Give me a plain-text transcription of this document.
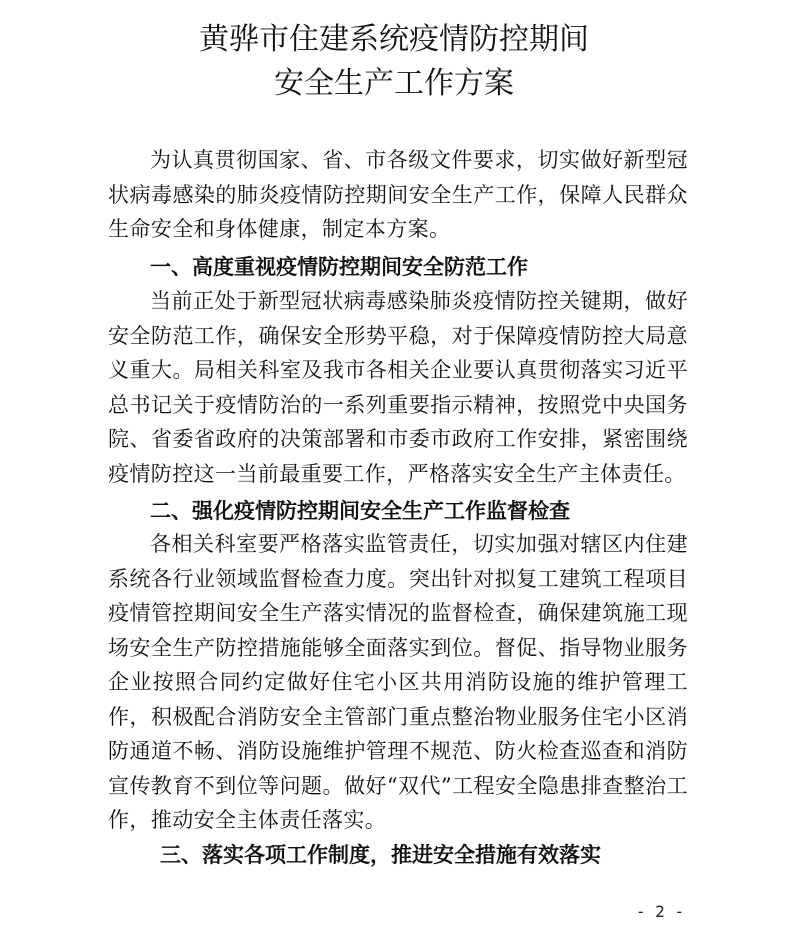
黄骅市住建系统疫情防控期间
安全生产工作方案

为认真贯彻国家、省、市各级文件要求，切实做好新型冠状病毒感染的肺炎疫情防控期间安全生产工作，保障人民群众生命安全和身体健康，制定本方案。

一、高度重视疫情防控期间安全防范工作

当前正处于新型冠状病毒感染肺炎疫情防控关键期，做好安全防范工作，确保安全形势平稳，对于保障疫情防控大局意义重大。局相关科室及我市各相关企业要认真贯彻落实习近平总书记关于疫情防治的一系列重要指示精神，按照党中央国务院、省委省政府的决策部署和市委市政府工作安排，紧密围绕疫情防控这一当前最重要工作，严格落实安全生产主体责任。

二、强化疫情防控期间安全生产工作监督检查

各相关科室要严格落实监管责任，切实加强对辖区内住建系统各行业领域监督检查力度。突出针对拟复工建筑工程项目疫情管控期间安全生产落实情况的监督检查，确保建筑施工现场安全生产防控措施能够全面落实到位。督促、指导物业服务企业按照合同约定做好住宅小区共用消防设施的维护管理工作，积极配合消防安全主管部门重点整治物业服务住宅小区消防通道不畅、消防设施维护管理不规范、防火检查巡查和消防宣传教育不到位等问题。做好“双代”工程安全隐患排查整治工作，推动安全主体责任落实。

三、落实各项工作制度，推进安全措施有效落实
- 2 -
